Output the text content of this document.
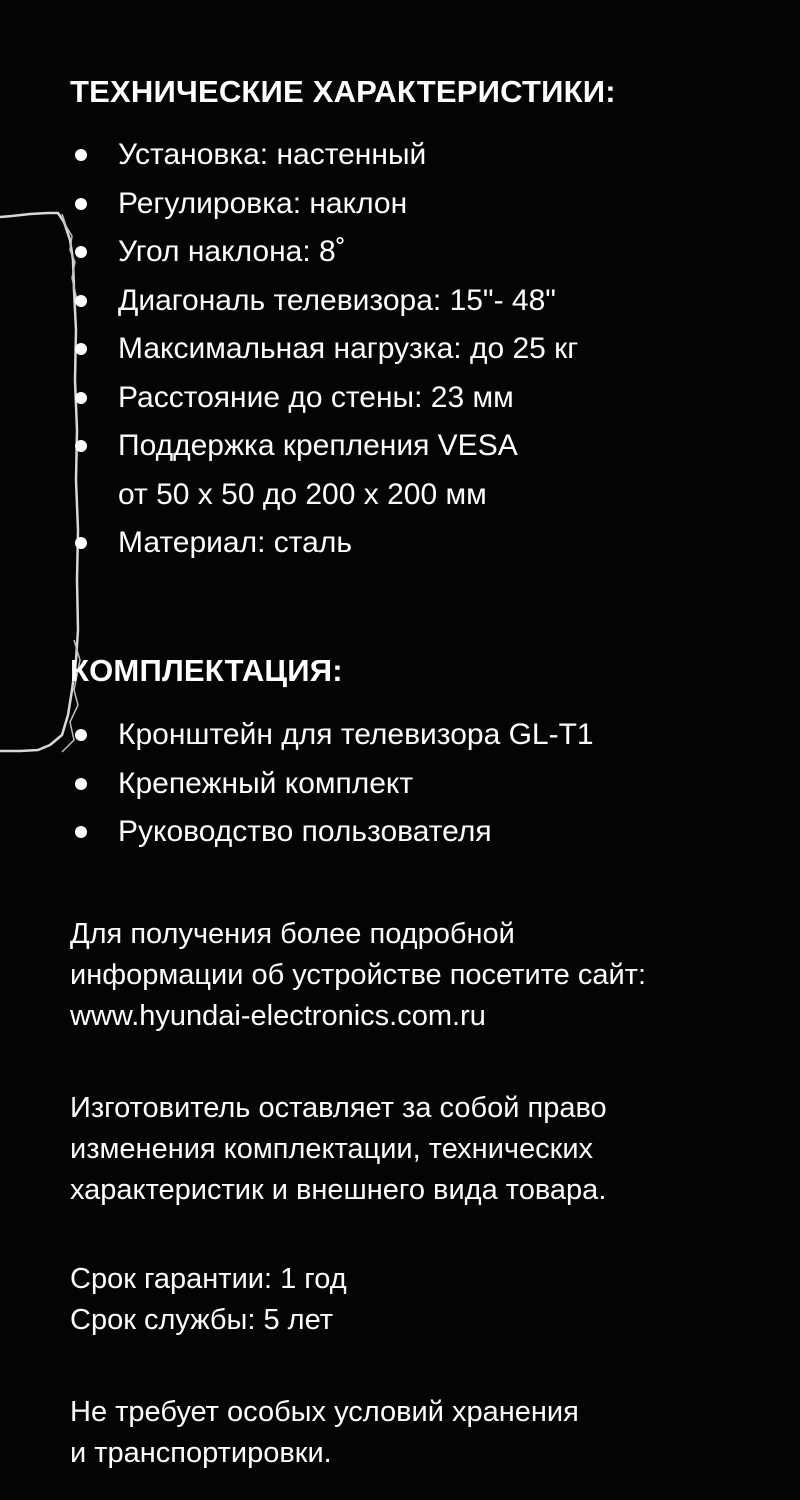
ТЕХНИЧЕСКИЕ ХАРАКТЕРИСТИКИ:
Установка: настенный
Регулировка: наклон
Угол наклона: 8˚
Диагональ телевизора: 15"- 48"
Максимальная нагрузка: до 25 кг
Расстояние до стены: 23 мм
Поддержка крепления VESA
от 50 х 50 до 200 х 200 мм
Материал: сталь
КОМПЛЕКТАЦИЯ:
Кронштейн для телевизора GL-T1
Крепежный комплект
Руководство пользователя

Для получения более подробной
информации об устройстве посетите сайт:
www.hyundai-electronics.com.ru

Изготовитель оставляет за собой право
изменения комплектации, технических
характеристик и внешнего вида товара.

Срок гарантии: 1 год
Срок службы: 5 лет

Не требует особых условий хранения
и транспортировки.
